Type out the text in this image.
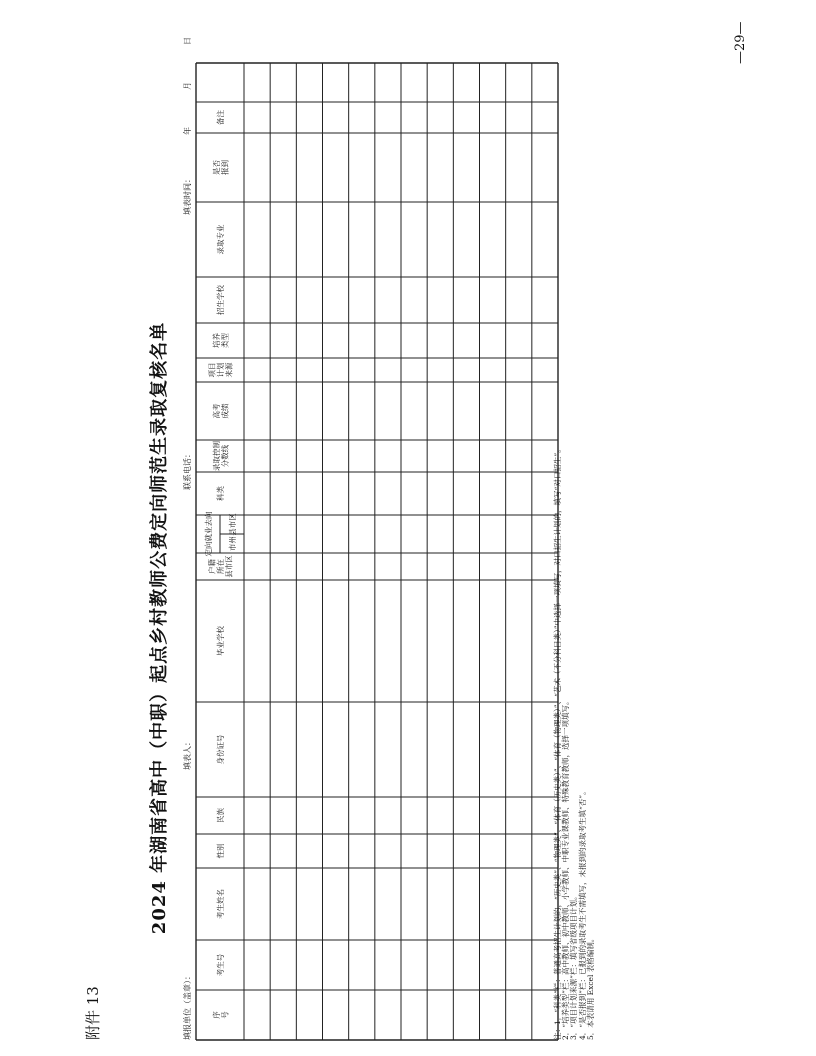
附件 13
2024 年湖南省高中（中职）起点乡村教师公费定向师范生录取复核名单
—29—
填报单位（盖章）：
填表人：
联系电话：
填表时间：
年
月
日
序号
考生号
考生姓名
性别
民族
身份证号
毕业学校
户籍所在县市区
定向就业去向 市州
县市区
科类
录取控制分数线
高考成绩
项目计划来源
培养类型
招生学校
录取专业
是否报到
备注
注：1．“科类”栏：普通高考招生计划的，“历史类”、“物理类”、“体育（历史类）”、“体育（物理类）”、“艺术（不分科目类）”中选择一项填写，对口招生计划的，填写“对口招生”。 2．“培养类型”栏：高中教师、初中教师、小学教师、中职专业课教师、特殊教育教师，选择一项填写。 3．“项目计划来源”栏：填写省级项目计划。 4．“是否报到”栏：已报到的录取考生不需填写，未报到的录取考生填“否”。 5．本表请用 Excel 表格编制。
